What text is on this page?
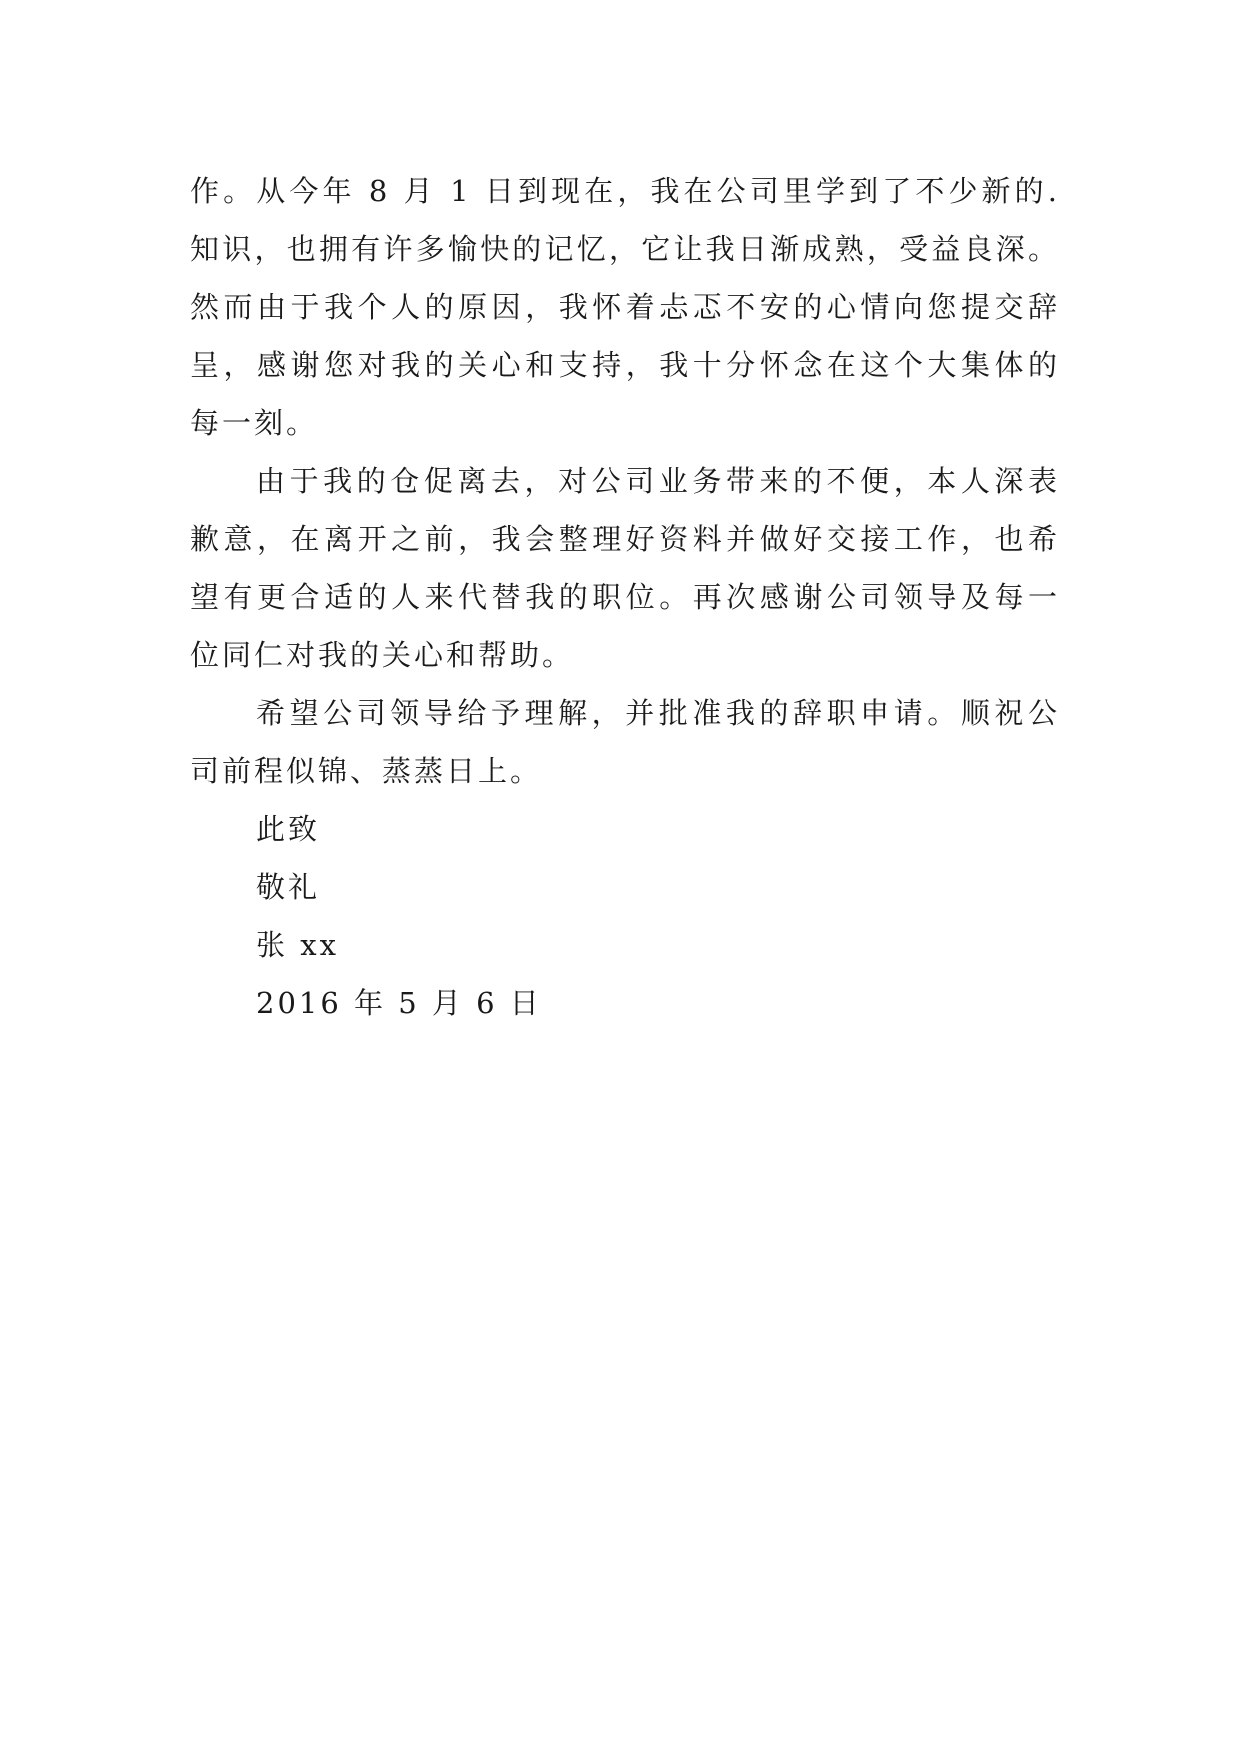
作。从今年 8 月 1 日到现在，我在公司里学到了不少新的.
知识，也拥有许多愉快的记忆，它让我日渐成熟，受益良深。
然而由于我个人的原因，我怀着忐忑不安的心情向您提交辞
呈，感谢您对我的关心和支持，我十分怀念在这个大集体的
每一刻。
由于我的仓促离去，对公司业务带来的不便，本人深表
歉意，在离开之前，我会整理好资料并做好交接工作，也希
望有更合适的人来代替我的职位。再次感谢公司领导及每一
位同仁对我的关心和帮助。
希望公司领导给予理解，并批准我的辞职申请。顺祝公
司前程似锦、蒸蒸日上。
此致
敬礼
张 xx
2016 年 5 月 6 日
